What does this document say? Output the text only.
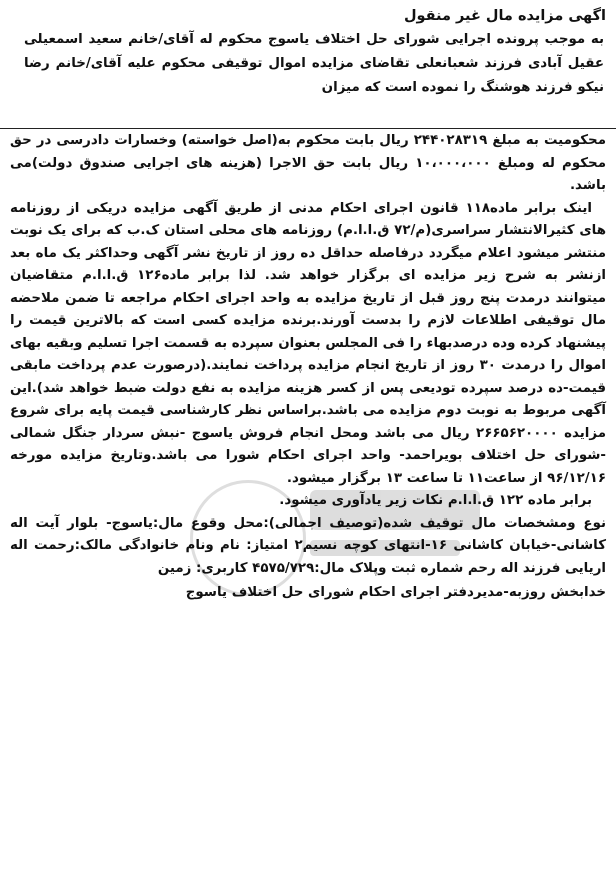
اگهی مزایده مال غیر منقول

به موجب پرونده اجرایی شورای حل اختلاف یاسوج محکوم له آقای/خانم سعید اسمعیلی عقیل آبادی فرزند شعبانعلی تقاضای مزایده اموال توقیفی محکوم علیه آقای/خانم رضا نیکو فرزند هوشنگ را نموده است که میزان

محکومیت به مبلغ ۲۴۴۰۲۸۳۱۹ ریال بابت محکوم به(اصل خواسته) وخسارات دادرسی در حق محکوم له ومبلغ ۱۰،۰۰۰،۰۰۰ ریال بابت حق الاجرا (هزینه های اجرایی صندوق دولت)می باشد.

اینک برابر ماده۱۱۸ قانون اجرای احکام مدنی از طریق آگهی مزایده دریکی از روزنامه های کثیرالانتشار سراسری(م/۷۲ ق.ا.ا.م) روزنامه های محلی استان ک.ب که برای یک نوبت منتشر میشود اعلام میگردد درفاصله حداقل ده روز از تاریخ نشر آگهی وحداکثر یک ماه بعد ازنشر به شرح زیر مزایده ای برگزار خواهد شد. لذا برابر ماده۱۲۶ ق.ا.ا.م متقاضیان میتوانند درمدت پنج روز قبل از تاریخ مزایده به واحد اجرای احکام مراجعه تا ضمن ملاحضه مال توقیفی اطلاعات لازم را بدست آورند.برنده مزایده کسی است که بالاترین قیمت را پیشنهاد کرده وده درصدبهاء را فی المجلس بعنوان سپرده به قسمت اجرا تسلیم وبقیه بهای اموال را درمدت ۳۰ روز از تاریخ انجام مزایده پرداخت نمایند.(درصورت عدم پرداخت مابقی قیمت-ده درصد سپرده تودیعی پس از کسر هزینه مزایده به نفع دولت ضبط خواهد شد).این آگهی مربوط به نوبت دوم مزایده می باشد.براساس نظر کارشناسی قیمت پایه برای شروع مزایده ۲۶۶۵۶۲۰۰۰۰ ریال می باشد ومحل انجام فروش یاسوج -نبش سردار جنگل شمالی -شورای حل اختلاف بویراحمد- واحد اجرای احکام شورا می باشد.وتاریخ مزایده مورخه ۹۶/۱۲/۱۶ از ساعت۱۱ تا ساعت ۱۳ برگزار میشود.

برابر ماده ۱۲۲ ق.ا.ا.م نکات زیر یادآوری میشود.

نوع ومشخصات مال توقیف شده(توصیف اجمالی):محل وقوع مال:یاسوج- بلوار آیت اله کاشانی-خیابان کاشانی ۱۶-انتهای کوچه نسیم۲ امتیاز: نام ونام خانوادگی مالک:رحمت اله اریایی فرزند اله رحم شماره ثبت وپلاک مال:۴۵۷۵/۷۲۹ کاربری: زمین

خدابخش روزبه-مدیردفتر اجرای احکام شورای حل اختلاف یاسوج
